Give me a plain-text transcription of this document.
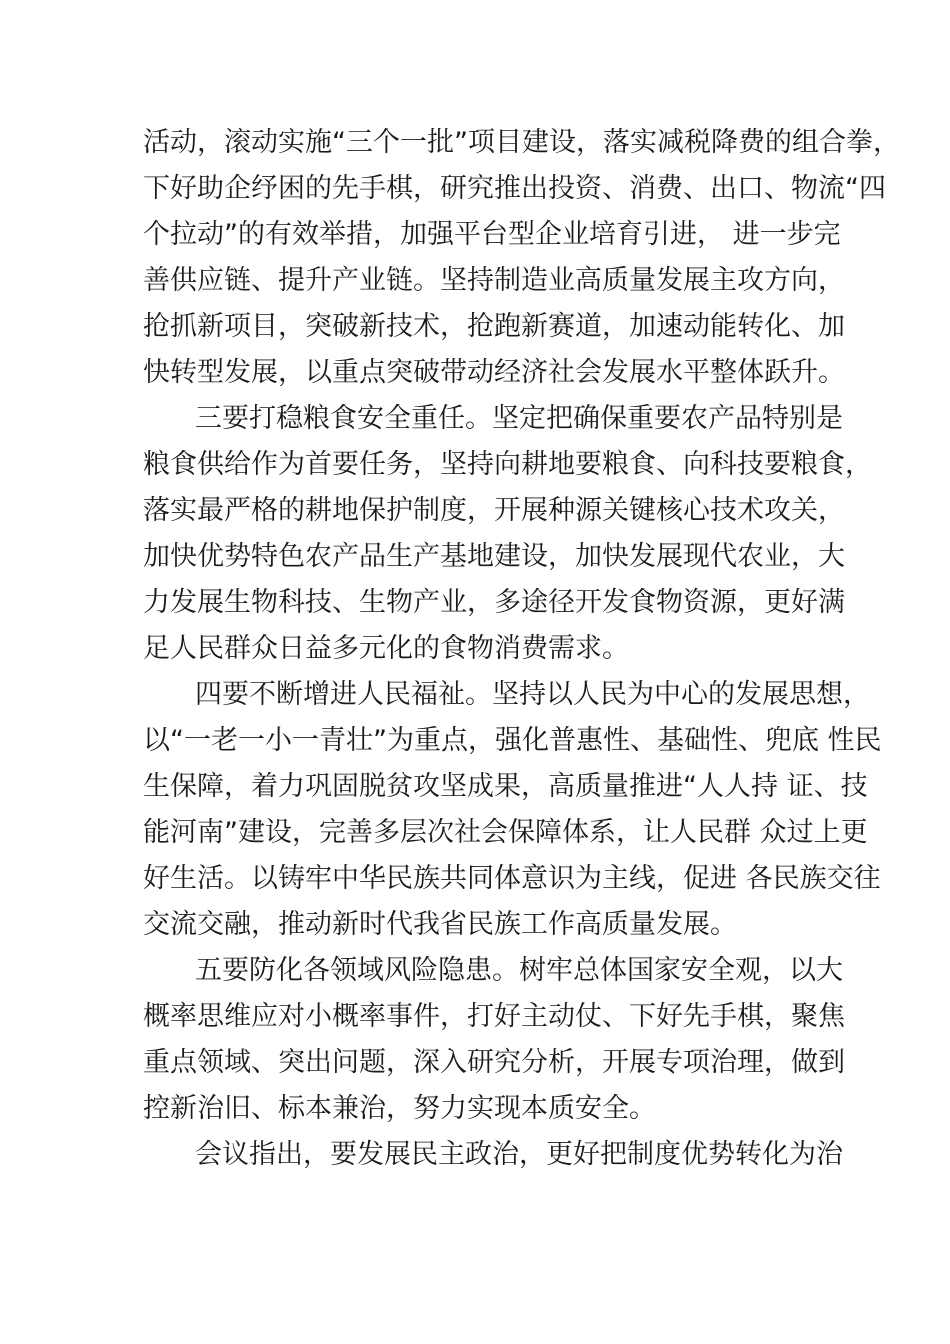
活动，滚动实施“三个一批”项目建设，落实减税降费的组合拳，
下好助企纾困的先手棋，研究推出投资、消费、出口、物流“四
个拉动”的有效举措，加强平台型企业培育引进， 进一步完
善供应链、提升产业链。坚持制造业高质量发展主攻方向，
抢抓新项目，突破新技术，抢跑新赛道，加速动能转化、加
快转型发展，以重点突破带动经济社会发展水平整体跃升。
三要打稳粮食安全重任。坚定把确保重要农产品特别是
粮食供给作为首要任务，坚持向耕地要粮食、向科技要粮食，
落实最严格的耕地保护制度，开展种源关键核心技术攻关，
加快优势特色农产品生产基地建设，加快发展现代农业，大
力发展生物科技、生物产业，多途径开发食物资源，更好满
足人民群众日益多元化的食物消费需求。
四要不断增进人民福祉。坚持以人民为中心的发展思想，
以“一老一小一青壮”为重点，强化普惠性、基础性、兜底 性民
生保障，着力巩固脱贫攻坚成果，高质量推进“人人持 证、技
能河南”建设，完善多层次社会保障体系，让人民群 众过上更
好生活。以铸牢中华民族共同体意识为主线，促进 各民族交往
交流交融，推动新时代我省民族工作高质量发展。
五要防化各领域风险隐患。树牢总体国家安全观，以大
概率思维应对小概率事件，打好主动仗、下好先手棋，聚焦
重点领域、突出问题，深入研究分析，开展专项治理，做到
控新治旧、标本兼治，努力实现本质安全。
会议指出，要发展民主政治，更好把制度优势转化为治
